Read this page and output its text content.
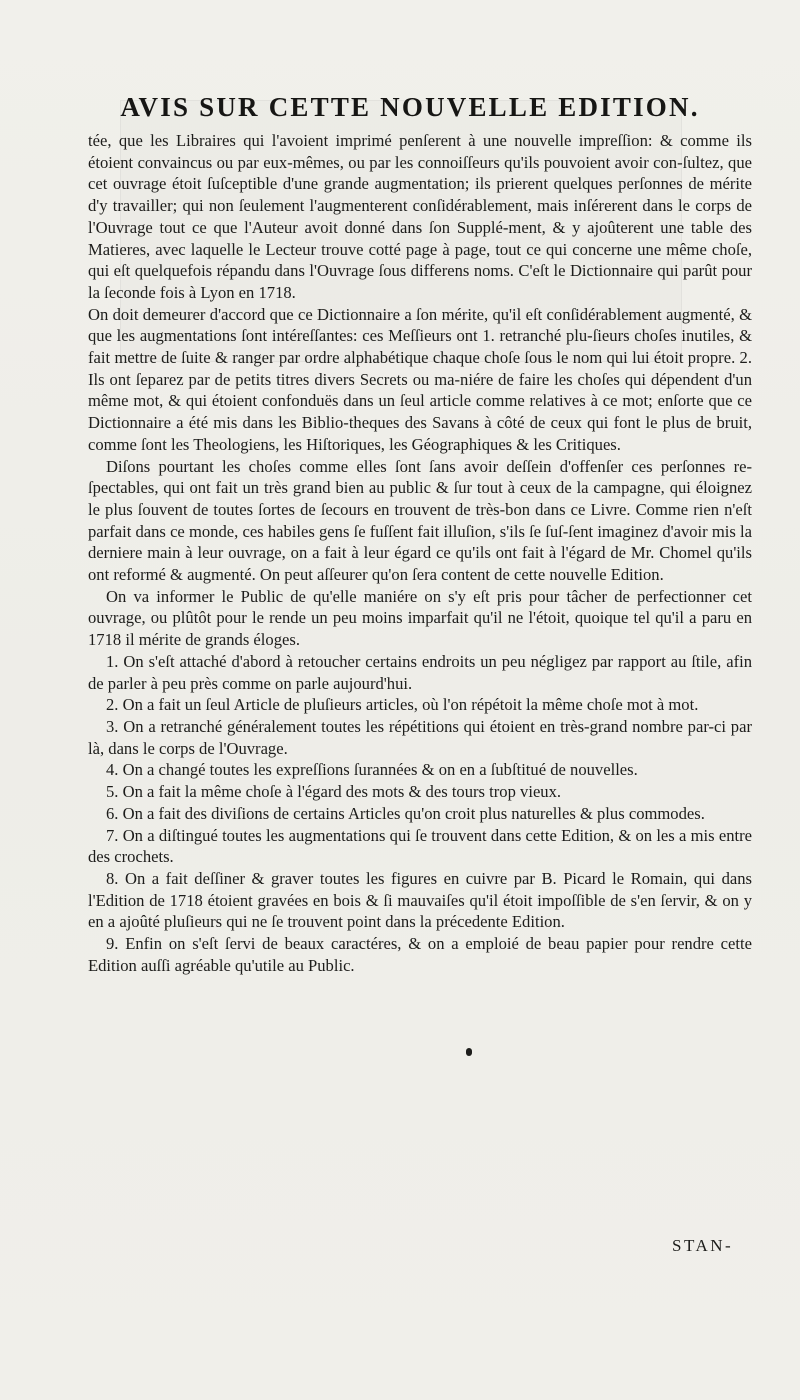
AVIS SUR CETTE NOUVELLE EDITION.

tée, que les Libraires qui l'avoient imprimé penſerent à une nouvelle impreſſion: & comme ils étoient convaincus ou par eux-mêmes, ou par les connoiſſeurs qu'ils pouvoient avoir con-ſultez, que cet ouvrage étoit ſuſceptible d'une grande augmentation; ils prierent quelques perſonnes de mérite d'y travailler; qui non ſeulement l'augmenterent conſidérablement, mais inſérerent dans le corps de l'Ouvrage tout ce que l'Auteur avoit donné dans ſon Supplé-ment, & y ajoûterent une table des Matieres, avec laquelle le Lecteur trouve cotté page à page, tout ce qui concerne une même choſe, qui eſt quelquefois répandu dans l'Ouvrage ſous differens noms. C'eſt le Dictionnaire qui parût pour la ſeconde fois à Lyon en 1718.

On doit demeurer d'accord que ce Dictionnaire a ſon mérite, qu'il eſt conſidérablement augmenté, & que les augmentations ſont intéreſſantes: ces Meſſieurs ont 1. retranché plu-ſieurs choſes inutiles, & fait mettre de ſuite & ranger par ordre alphabétique chaque choſe ſous le nom qui lui étoit propre. 2. Ils ont ſeparez par de petits titres divers Secrets ou ma-niére de faire les choſes qui dépendent d'un même mot, & qui étoient confonduës dans un ſeul article comme relatives à ce mot; enſorte que ce Dictionnaire a été mis dans les Biblio-theques des Savans à côté de ceux qui font le plus de bruit, comme ſont les Theologiens, les Hiſtoriques, les Géographiques & les Critiques.

Diſons pourtant les choſes comme elles ſont ſans avoir deſſein d'offenſer ces perſonnes re-ſpectables, qui ont fait un très grand bien au public & ſur tout à ceux de la campagne, qui éloignez le plus ſouvent de toutes ſortes de ſecours en trouvent de très-bon dans ce Livre. Comme rien n'eſt parfait dans ce monde, ces habiles gens ſe fuſſent fait illuſion, s'ils ſe ſuſ-ſent imaginez d'avoir mis la derniere main à leur ouvrage, on a fait à leur égard ce qu'ils ont fait à l'égard de Mr. Chomel qu'ils ont reformé & augmenté. On peut aſſeurer qu'on ſera content de cette nouvelle Edition.

On va informer le Public de qu'elle maniére on s'y eſt pris pour tâcher de perfectionner cet ouvrage, ou plûtôt pour le rende un peu moins imparfait qu'il ne l'étoit, quoique tel qu'il a paru en 1718 il mérite de grands éloges.

1. On s'eſt attaché d'abord à retoucher certains endroits un peu négligez par rapport au ſtile, afin de parler à peu près comme on parle aujourd'hui.

2. On a fait un ſeul Article de pluſieurs articles, où l'on répétoit la même choſe mot à mot.

3. On a retranché généralement toutes les répétitions qui étoient en très-grand nombre par-ci par là, dans le corps de l'Ouvrage.

4. On a changé toutes les expreſſions ſurannées & on en a ſubſtitué de nouvelles.

5. On a fait la même choſe à l'égard des mots & des tours trop vieux.

6. On a fait des diviſions de certains Articles qu'on croit plus naturelles & plus commodes.

7. On a diſtingué toutes les augmentations qui ſe trouvent dans cette Edition, & on les a mis entre des crochets.

8. On a fait deſſiner & graver toutes les figures en cuivre par B. Picard le Romain, qui dans l'Edition de 1718 étoient gravées en bois & ſi mauvaiſes qu'il étoit impoſſible de s'en ſervir, & on y en a ajoûté pluſieurs qui ne ſe trouvent point dans la précedente Edition.

9. Enfin on s'eſt ſervi de beaux caractéres, & on a emploié de beau papier pour rendre cette Edition auſſi agréable qu'utile au Public.

STAN-
